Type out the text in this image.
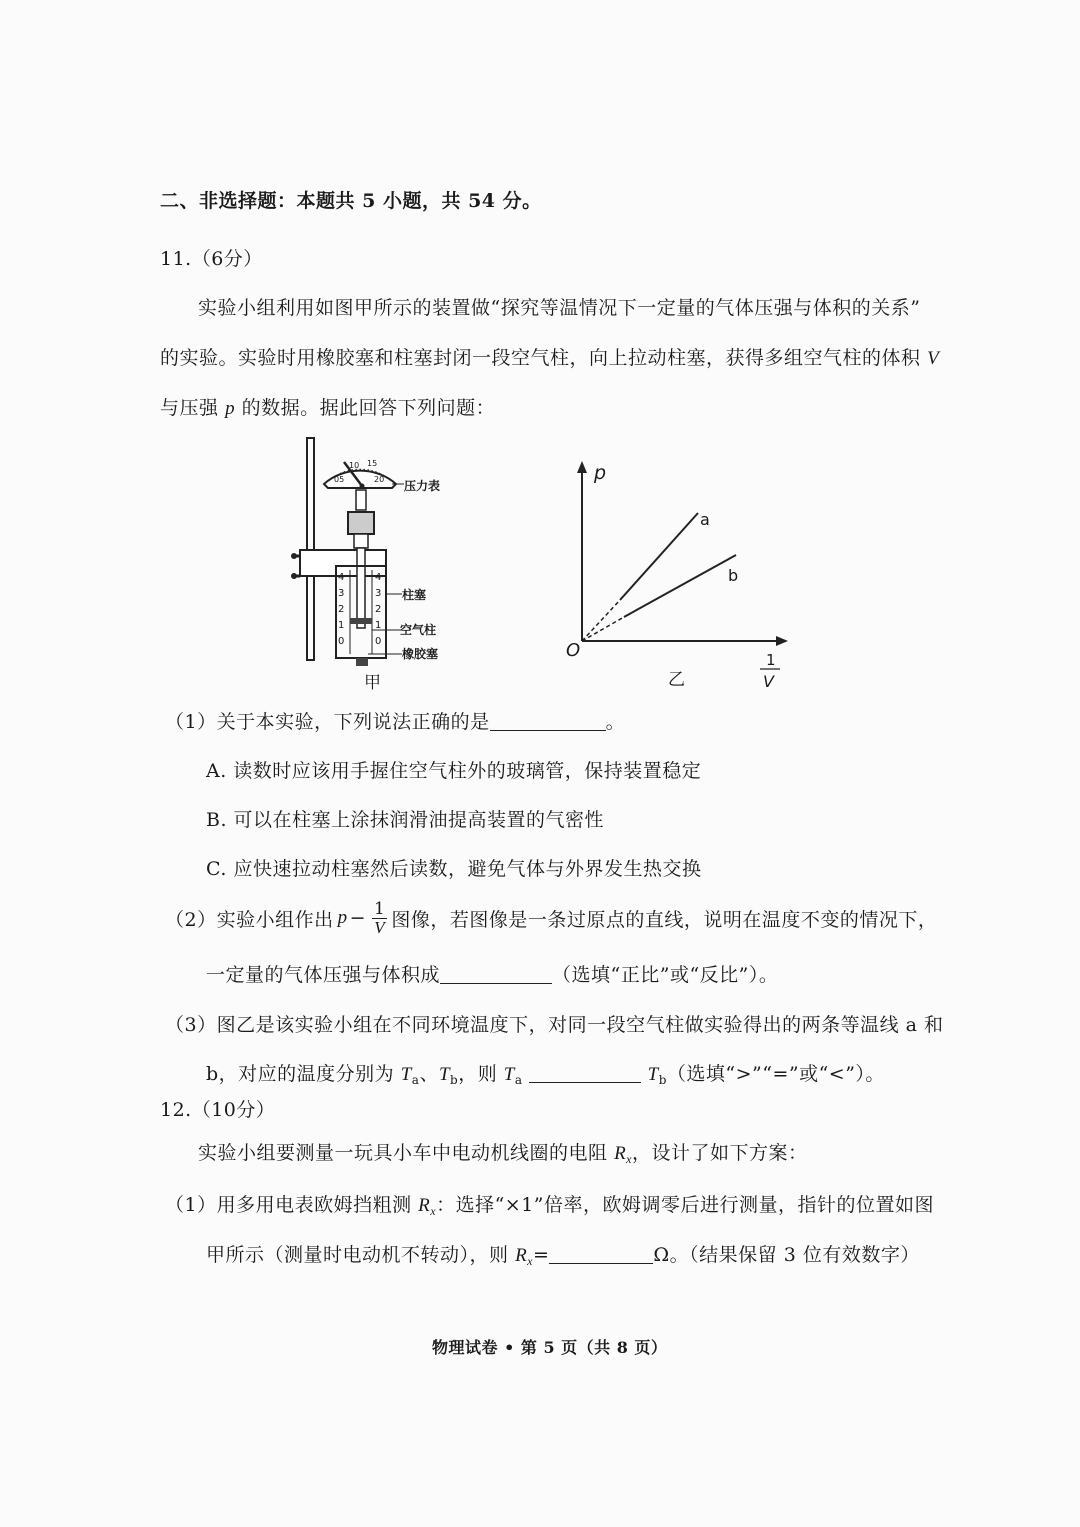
二、非选择题：本题共 5 小题，共 54 分。
11.（6分）
实验小组利用如图甲所示的装置做“探究等温情况下一定量的气体压强与体积的关系”
的实验。实验时用橡胶塞和柱塞封闭一段空气柱，向上拉动柱塞，获得多组空气柱的体积 V
与压强 p 的数据。据此回答下列问题：
05
10 15
20 压力表
4
3
2
1
0
4
3
2
1
0
柱塞
空气柱
橡胶塞
甲
p
O
a
b
乙
1
V
（1）关于本实验，下列说法正确的是	。
A. 读数时应该用手握住空气柱外的玻璃管，保持装置稳定
B. 可以在柱塞上涂抹润滑油提高装置的气密性
C. 应快速拉动柱塞然后读数，避免气体与外界发生热交换
（2）实验小组作出 $p - \frac{1}{V}$ 图像，若图像是一条过原点的直线，说明在温度不变的情况下，
一定量的气体压强与体积成	（选填“正比”或“反比”）。
（3）图乙是该实验小组在不同环境温度下，对同一段空气柱做实验得出的两条等温线 a 和
b，对应的温度分别为 $T_a$、$T_b$，则 $T_a$	$T_b$（选填“>”“=”或“<”）。
12.（10分）
实验小组要测量一玩具小车中电动机线圈的电阻 $R_x$，设计了如下方案：
（1）用多用电表欧姆挡粗测 $R_x$：选择“×1”倍率，欧姆调零后进行测量，指针的位置如图
甲所示（测量时电动机不转动），则 $R_x=$	Ω。（结果保留 3 位有效数字）
物理试卷 • 第 5 页（共 8 页）
